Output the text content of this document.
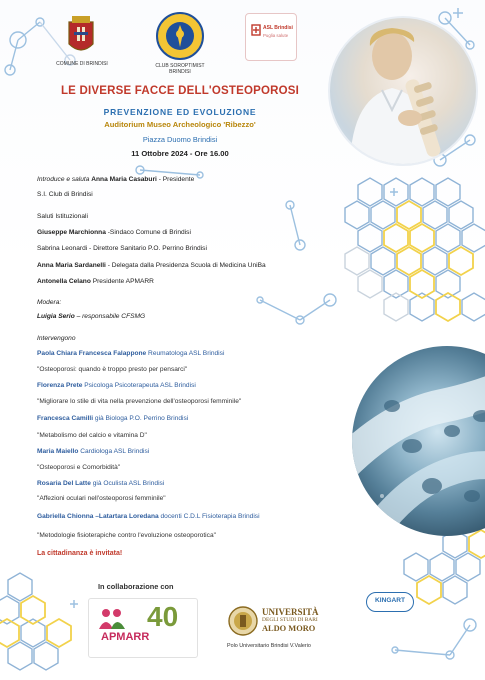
COMUNE DI BRINDISI	CLUB SOROPTIMIST
BRINDISI
ASL Brindisi
Puglia salute
LE DIVERSE FACCE DELL'OSTEOPOROSI
PREVENZIONE ED EVOLUZIONE
Auditorium Museo Archeologico 'Ribezzo'
Piazza Duomo Brindisi
11 Ottobre 2024 - Ore 16.00
Introduce e saluta Anna Maria Casaburi - Presidente
S.I. Club di Brindisi
Saluti Istituzionali
Giuseppe Marchionna -Sindaco Comune di Brindisi
Sabrina Leonardi - Direttore Sanitario P.O. Perrino Brindisi
Anna Maria Sardanelli - Delegata dalla Presidenza Scuola di Medicina UniBa
Antonella Celano Presidente APMARR
Modera:
Luigia Serio – responsabile CFSMG
Intervengono
Paola Chiara Francesca Falappone Reumatologa ASL Brindisi
"Osteoporosi: quando è troppo presto per pensarci"
Florenza Prete Psicologa Psicoterapeuta ASL Brindisi
"Migliorare lo stile di vita nella prevenzione dell'osteoporosi femminile"
Francesca Camilli già Biologa P.O. Perrino Brindisi
"Metabolismo del calcio e vitamina D"
Maria Maiello Cardiologa ASL Brindisi
"Osteoporosi e Comorbidità"
Rosaria Del Latte già Oculista ASL Brindisi
"Affezioni oculari nell'osteoporosi femminile"
Gabriella Chionna –Latartara Loredana docenti C.D.L Fisioterapia Brindisi
"Metodologie fisioterapiche contro l'evoluzione osteoporotica"
La cittadinanza è invitata!
In collaborazione con
APMARR
40	UNIVERSITÀ
DEGLI STUDI DI BARI
ALDO MORO
Polo Universitario Brindisi V.Valerio
KINGART
